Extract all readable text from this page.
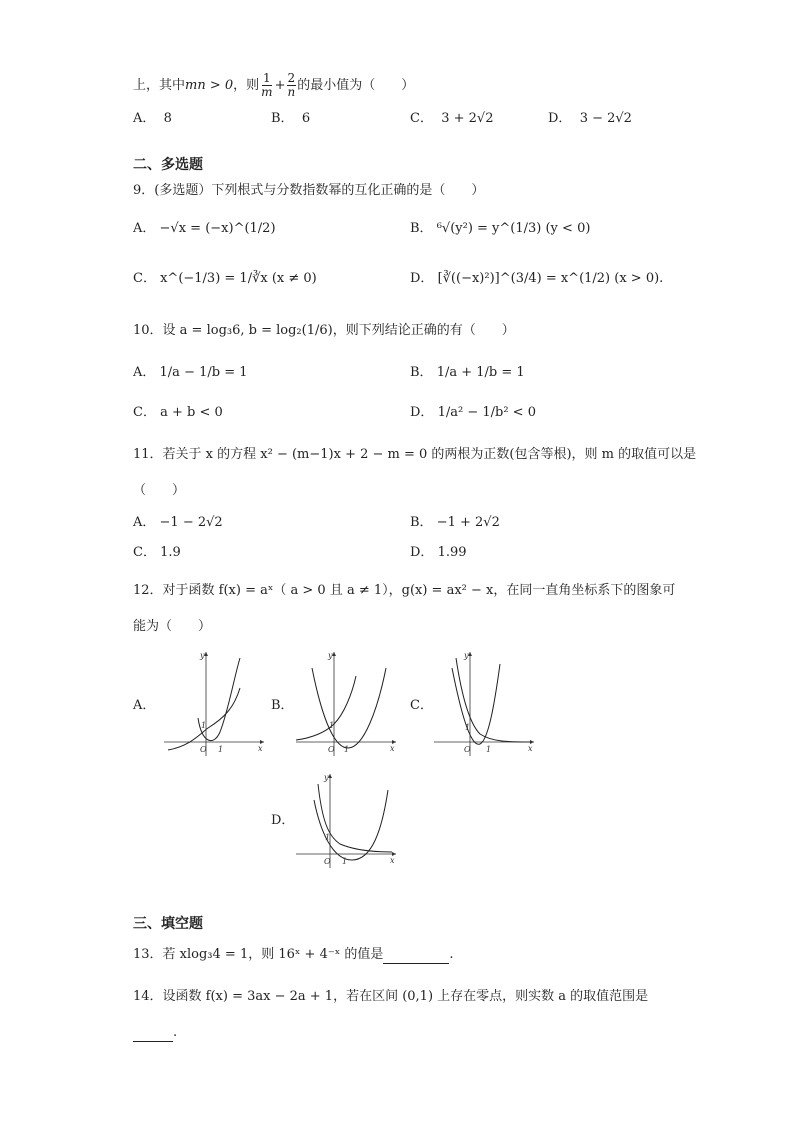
上，其中mn > 0，则 $\frac{1}{m} + \frac{2}{n}$ 的最小值为（　　）
A． 8	B． 6	C． 3 + 2√2	D． 3 − 2√2
二、多选题
9．(多选题）下列根式与分数指数幂的互化正确的是（　　）
A． −√x = (−x)^(1/2)	B． ⁶√(y²) = y^(1/3) (y < 0)
C． x^(−1/3) = 1/∛x (x ≠ 0)	D． [∛((−x)²)]^(3/4) = x^(1/2) (x > 0).
10．设 a = log₃6, b = log₂(1/6)，则下列结论正确的有（　　）
A． 1/a − 1/b = 1	B． 1/a + 1/b = 1
C． a + b < 0	D． 1/a² − 1/b² < 0
11．若关于 x 的方程 x² − (m−1)x + 2 − m = 0 的两根为正数(包含等根)，则 m 的取值可以是
（　　）
A． −1 − 2√2	B． −1 + 2√2
C． 1.9	D． 1.99
12．对于函数 f(x) = aˣ（ a > 0 且 a ≠ 1），g(x) = ax² − x，在同一直角坐标系下的图象可
能为（　　）
A．	B．	C．
D．
O 1
1
x
y
O 1
1
x
y
O 1
1
x
y
O 1
1
x
y
三、填空题
13．若 xlog₃4 = 1，则 16ˣ + 4⁻ˣ 的值是	.
14．设函数 f(x) = 3ax − 2a + 1，若在区间 (0,1) 上存在零点，则实数 a 的取值范围是
.
